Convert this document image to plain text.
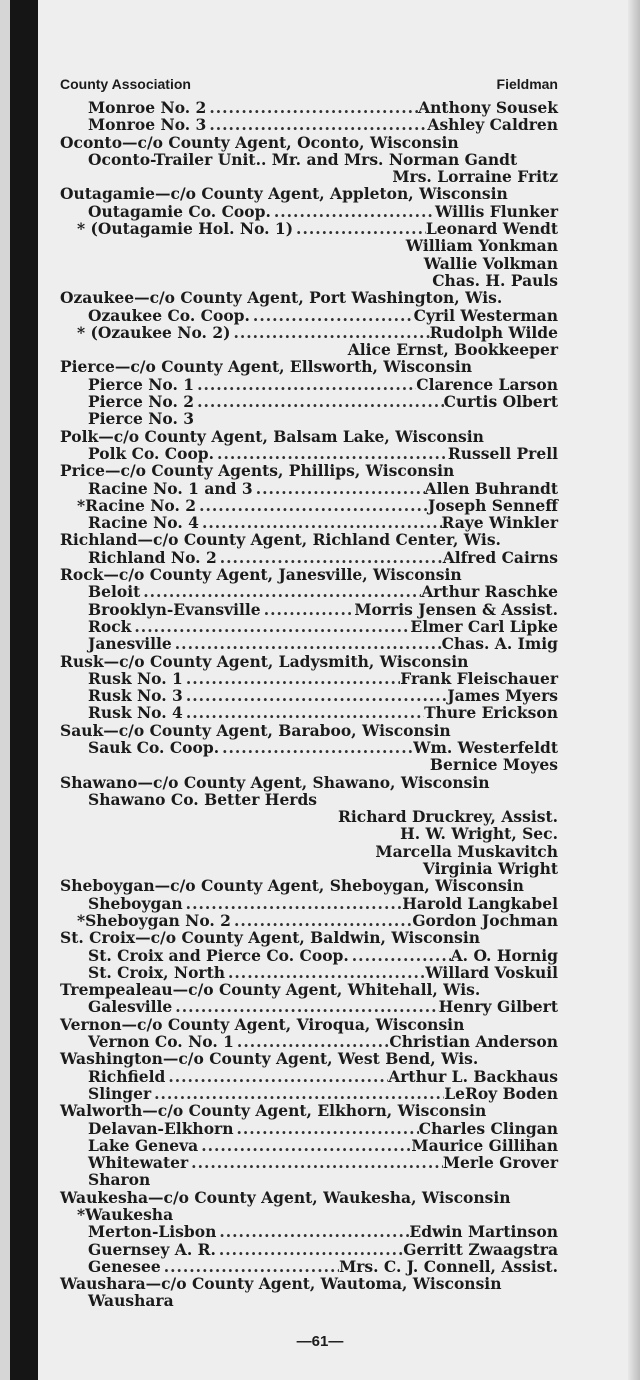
County Association	Fieldman
Monroe No. 2 .....	Anthony Sousek
Monroe No. 3 .....	Ashley Caldren
Oconto—c/o County Agent, Oconto, Wisconsin
Oconto-Trailer Unit.. Mr. and Mrs. Norman Gandt
Mrs. Lorraine Fritz
Outagamie—c/o County Agent, Appleton, Wisconsin
Outagamie Co. Coop. .....	Willis Flunker
* (Outagamie Hol. No. 1) .....	Leonard Wendt
William Yonkman
Wallie Volkman
Chas. H. Pauls
Ozaukee—c/o County Agent, Port Washington, Wis.
Ozaukee Co. Coop. .....	Cyril Westerman
* (Ozaukee No. 2) .....	Rudolph Wilde
Alice Ernst, Bookkeeper
Pierce—c/o County Agent, Ellsworth, Wisconsin
Pierce No. 1 .....	Clarence Larson
Pierce No. 2 .....	Curtis Olbert
Pierce No. 3
Polk—c/o County Agent, Balsam Lake, Wisconsin
Polk Co. Coop. .....	Russell Prell
Price—c/o County Agents, Phillips, Wisconsin
Racine No. 1 and 3 .....	Allen Buhrandt
*Racine No. 2 .....	Joseph Senneff
Racine No. 4 .....	Raye Winkler
Richland—c/o County Agent, Richland Center, Wis.
Richland No. 2 .....	Alfred Cairns
Rock—c/o County Agent, Janesville, Wisconsin
Beloit .....	Arthur Raschke
Brooklyn-Evansville .....	Morris Jensen & Assist.
Rock .....	Elmer Carl Lipke
Janesville .....	Chas. A. Imig
Rusk—c/o County Agent, Ladysmith, Wisconsin
Rusk No. 1 .....	Frank Fleischauer
Rusk No. 3 .....	James Myers
Rusk No. 4 .....	Thure Erickson
Sauk—c/o County Agent, Baraboo, Wisconsin
Sauk Co. Coop. .....	Wm. Westerfeldt
Bernice Moyes
Shawano—c/o County Agent, Shawano, Wisconsin
Shawano Co. Better Herds
Richard Druckrey, Assist.
H. W. Wright, Sec.
Marcella Muskavitch
Virginia Wright
Sheboygan—c/o County Agent, Sheboygan, Wisconsin
Sheboygan .....	Harold Langkabel
*Sheboygan No. 2 .....	Gordon Jochman
St. Croix—c/o County Agent, Baldwin, Wisconsin
St. Croix and Pierce Co. Coop. .....	A. O. Hornig
St. Croix, North .....	Willard Voskuil
Trempealeau—c/o County Agent, Whitehall, Wis.
Galesville .....	Henry Gilbert
Vernon—c/o County Agent, Viroqua, Wisconsin
Vernon Co. No. 1 .....	Christian Anderson
Washington—c/o County Agent, West Bend, Wis.
Richfield .....	Arthur L. Backhaus
Slinger .....	LeRoy Boden
Walworth—c/o County Agent, Elkhorn, Wisconsin
Delavan-Elkhorn .....	Charles Clingan
Lake Geneva .....	Maurice Gillihan
Whitewater .....	Merle Grover
Sharon
Waukesha—c/o County Agent, Waukesha, Wisconsin
*Waukesha
Merton-Lisbon .....	Edwin Martinson
Guernsey A. R. .....	Gerritt Zwaagstra
Genesee .....	Mrs. C. J. Connell, Assist.
Waushara—c/o County Agent, Wautoma, Wisconsin
Waushara
—61—
